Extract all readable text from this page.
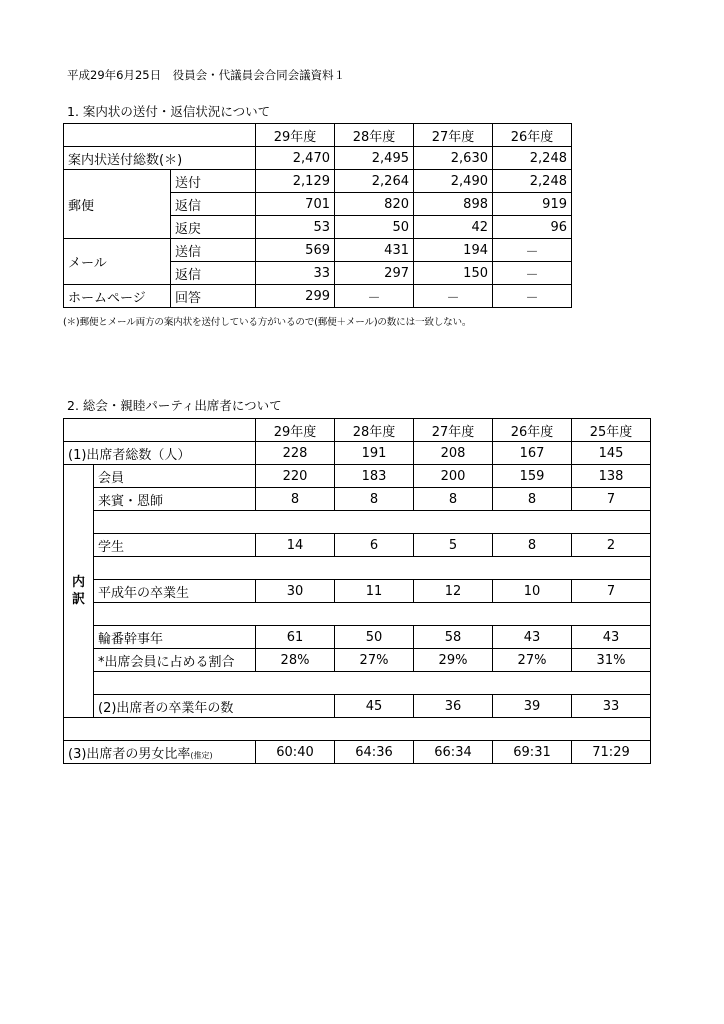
平成29年6月25日　役員会・代議員会合同会議資料１
1. 案内状の送付・返信状況について
		29年度	28年度	27年度	26年度
案内状送付総数(＊)		2,470	2,495	2,630	2,248
郵便	送付	2,129	2,264	2,490	2,248
	返信	701	820	898	919
	返戻	53	50	42	96
メール	送信	569	431	194	－
	返信	33	297	150	－
ホームページ	回答	299	－	－	－
(＊)郵便とメール両方の案内状を送付している方がいるので(郵便＋メール)の数には一致しない。
2. 総会・親睦パーティ出席者について
		29年度	28年度	27年度	26年度	25年度	
(1)出席者総数（人）		228	191	208	167	145	
内訳	会員	220	183	200	159	138	
	来賓・恩師	8	8	8	8	7	

	学生	14	6	5	8	2	

	平成年の卒業生	30	11	12	10	7	

	輪番幹事年	61	50	58	43	43	
	*出席会員に占める割合	28%	27%	29%	27%	31%	

	(2)出席者の卒業年の数		45	36	39	33	

(3)出席者の男女比率(推定)		60:40	64:36	66:34	69:31	71:29	
